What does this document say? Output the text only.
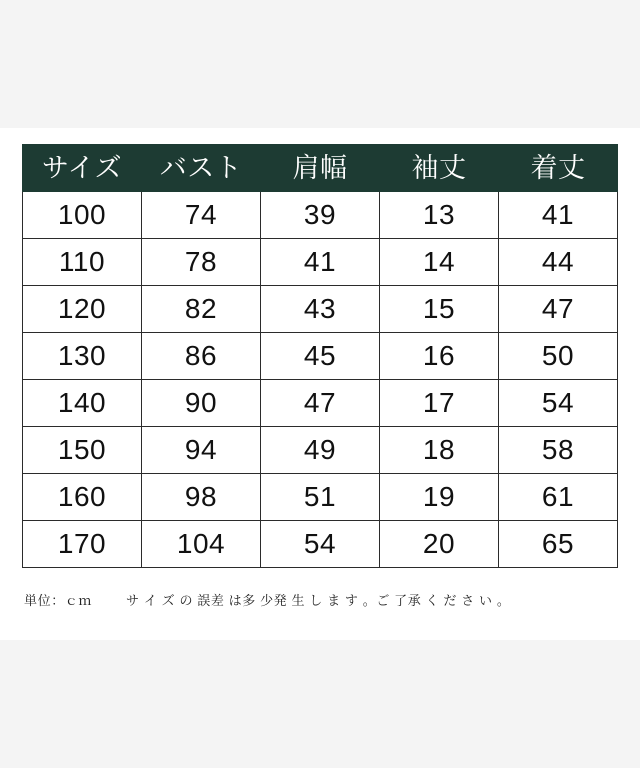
サイズ	バスト	肩幅	袖丈	着丈
100	74	39	13	41
110	78	41	14	44
120	82	43	15	47
130	86	45	16	50
140	90	47	17	54
150	94	49	18	58
160	98	51	19	61
170	104	54	20	65
単位：ｃｍ	サ イ ズ の 誤差 は多 少発 生 し ま す 。ご 了承 く だ さ い 。
